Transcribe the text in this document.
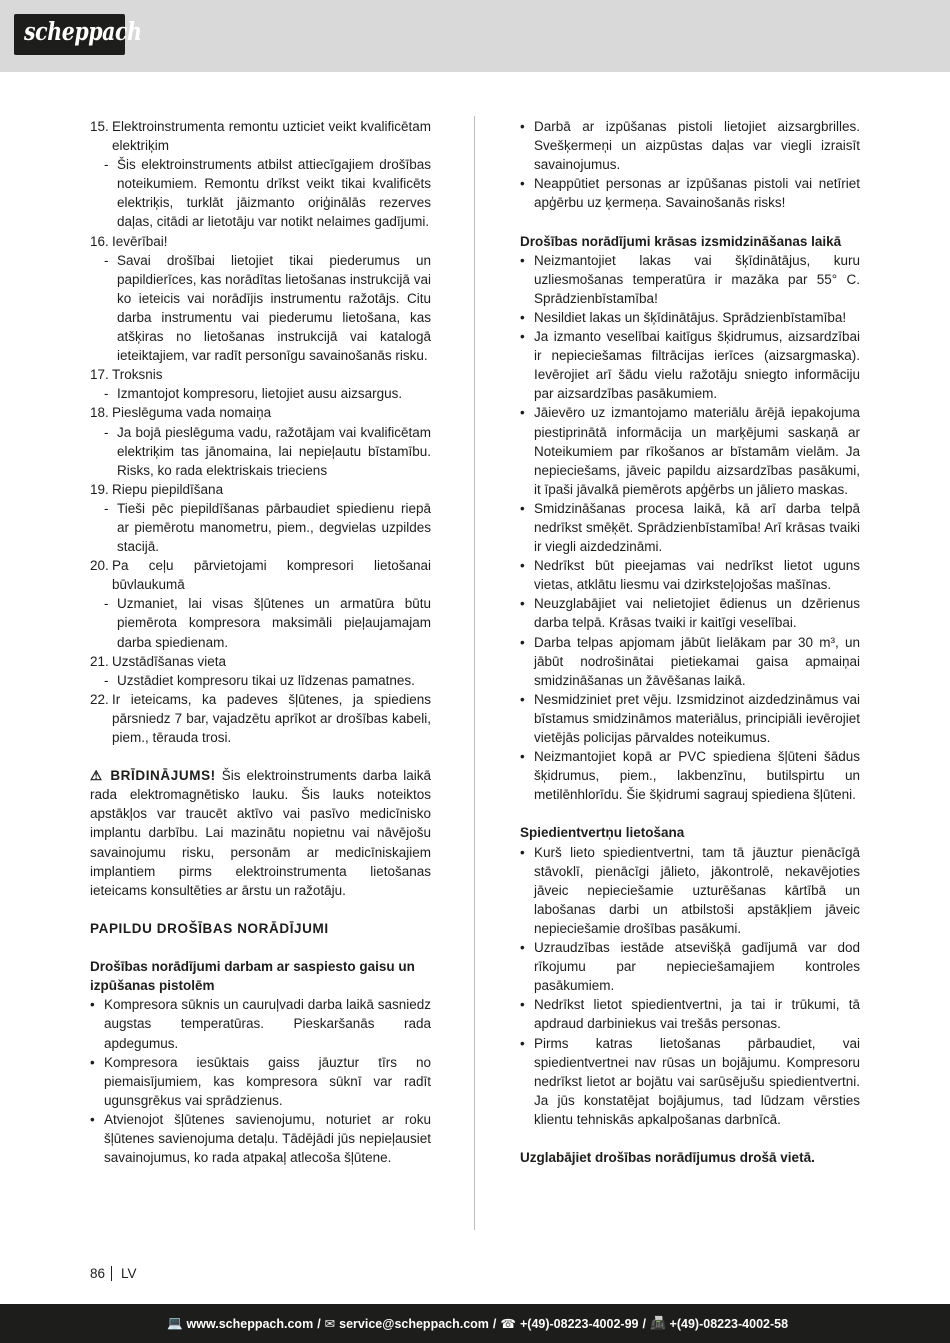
scheppach
15. Elektroinstrumenta remontu uzticiet veikt kvalificētam elektriķim
- Šis elektroinstruments atbilst attiecīgajiem drošības noteikumiem. Remontu drīkst veikt tikai kvalificēts elektriķis, turklāt jāizmanto oriģinālās rezerves daļas, citādi ar lietotāju var notikt nelaimes gadījumi.
16. Ievērībai!
- Savai drošībai lietojiet tikai piederumus un papildierīces, kas norādītas lietošanas instrukcijā vai ko ieteicis vai norādījis instrumentu ražotājs. Citu darba instrumentu vai piederumu lietošana, kas atšķiras no lietošanas instrukcijā vai katalogā ieteiktajiem, var radīt personīgu savainošanās risku.
17. Troksnis
- Izmantojot kompresoru, lietojiet ausu aizsargus.
18. Pieslēguma vada nomaiņa
- Ja bojā pieslēguma vadu, ražotājam vai kvalificētam elektriķim tas jānomaina, lai nepieļautu bīstamību. Risks, ko rada elektriskais trieciens
19. Riepu piepildīšana
- Tieši pēc piepildīšanas pārbaudiet spiedienu riepā ar piemērotu manometru, piem., degvielas uzpildes stacijā.
20. Pa ceļu pārvietojami kompresori lietošanai būvlaukumā
- Uzmaniet, lai visas šļūtenes un armatūra būtu piemērota kompresora maksimāli pieļaujamajam darba spiedienam.
21. Uzstādīšanas vieta
- Uzstādiet kompresoru tikai uz līdzenas pamatnes.
22. Ir ieteicams, ka padeves šļūtenes, ja spiediens pārsniedz 7 bar, vajadzētu aprīkot ar drošības kabeli, piem., tērauda trosi.
⚠ BRĪDINĀJUMS! Šis elektroinstruments darba laikā rada elektromagnētisko lauku. Šis lauks noteiktos apstākļos var traucēt aktīvo vai pasīvo medicīnisko implantu darbību. Lai mazinātu nopietnu vai nāvējošu savainojumu risku, personām ar medicīniskajiem implantiem pirms elektroinstrumenta lietošanas ieteicams konsultēties ar ārstu un ražotāju.
PAPILDU DROŠĪBAS NORĀDĪJUMI
Drošības norādījumi darbam ar saspiesto gaisu un izpūšanas pistolēm
• Kompresora sūknis un cauruļvadi darba laikā sasniedz augstas temperatūras. Pieskaršanās rada apdegumus.
• Kompresora iesūktais gaiss jāuztur tīrs no piemaisījumiem, kas kompresora sūknī var radīt ugunsgrēkus vai sprādzienus.
• Atvienojot šļūtenes savienojumu, noturiet ar roku šļūtenes savienojuma detaļu. Tādējādi jūs nepieļausiet savainojumus, ko rada atpakaļ atlecoša šļūtene.
• Darbā ar izpūšanas pistoli lietojiet aizsargbrilles. Svešķermeņi un aizpūstas daļas var viegli izraisīt savainojumus.
• Neappūtiet personas ar izpūšanas pistoli vai netīriet apģērbu uz ķermeņa. Savainošanās risks!
Drošības norādījumi krāsas izsmidzināšanas laikā
• Neizmantojiet lakas vai šķīdinātājus, kuru uzliesmošanas temperatūra ir mazāka par 55° C. Sprādzienbīstamība!
• Nesildiet lakas un šķīdinātājus. Sprādzienbīstamība!
• Ja izmanto veselībai kaitīgus šķidrumus, aizsardzībai ir nepieciešamas filtrācijas ierīces (aizsargmaska). Ievērojiet arī šādu vielu ražotāju sniegto informāciju par aizsardzības pasākumiem.
• Jāievēro uz izmantojamo materiālu ārējā iepakojuma piestiprinātā informācija un marķējumi saskaņā ar Noteikumiem par rīkošanos ar bīstamām vielām. Ja nepieciešams, jāveic papildu aizsardzības pasākumi, it īpaši jāvalkā piemērots apģērbs un jāliето maskas.
• Smidzināšanas procesa laikā, kā arī darba telpā nedrīkst smēķēt. Sprādzienbīstamība! Arī krāsas tvaiki ir viegli aizdedzināmi.
• Nedrīkst būt pieejamas vai nedrīkst lietot uguns vietas, atklātu liesmu vai dzirksteļojošas mašīnas.
• Neuzglabājiet vai nelietojiet ēdienus un dzērienus darba telpā. Krāsas tvaiki ir kaitīgi veselībai.
• Darba telpas apjomam jābūt lielākam par 30 m³, un jābūt nodrošinātai pietiekamai gaisa apmaiņai smidzināšanas un žāvēšanas laikā.
• Nesmidziniet pret vēju. Izsmidzinot aizdedzināmus vai bīstamus smidzināmos materiālus, principiāli ievērojiet vietējās policijas pārvaldes noteikumus.
• Neizmantojiet kopā ar PVC spiediena šļūteni šādus šķidrumus, piem., lakbenzīnu, butilspirtu un metilēnhlorīdu. Šie šķidrumi sagrauj spiediena šļūteni.
Spiedientvertņu lietošana
• Kurš lieto spiedientvertni, tam tā jāuztur pienācīgā stāvoklī, pienācīgi jālieto, jākontrolē, nekavējoties jāveic nepieciešamie uzturēšanas kārtībā un labošanas darbi un atbilstoši apstākļiem jāveic nepieciešamie drošības pasākumi.
• Uzraudzības iestāde atsevišķā gadījumā var dod rīkojumu par nepieciešamajiem kontroles pasākumiem.
• Nedrīkst lietot spiedientvertni, ja tai ir trūkumi, tā apdraud darbiniekus vai trešās personas.
• Pirms katras lietošanas pārbaudiet, vai spiedientvertnei nav rūsas un bojājumu. Kompresoru nedrīkst lietot ar bojātu vai sarūsējušu spiedientvertni. Ja jūs konstatējat bojājumus, tad lūdzam vērsties klientu tehniskās apkalpošanas darbnīcā.
Uzglabājiet drošības norādījumus drošā vietā.
86 LV
💻 www.scheppach.com / ✉ service@scheppach.com / ☎ +(49)-08223-4002-99 / 📠 +(49)-08223-4002-58
